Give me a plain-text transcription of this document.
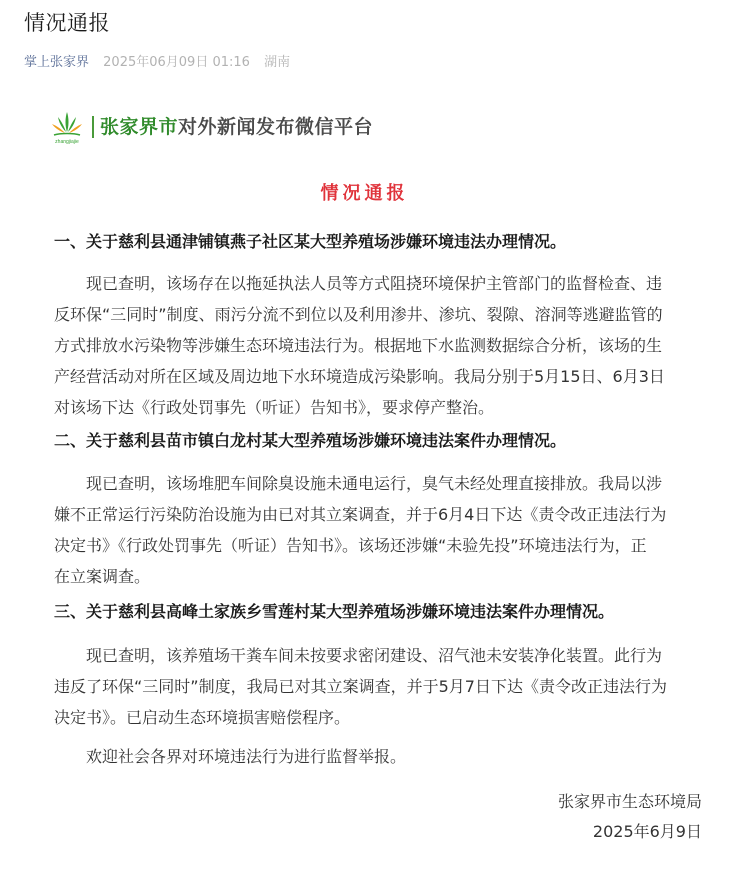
情况通报
掌上张家界 2025年06月09日 01:16 湖南
zhangjiajie
张家界市对外新闻发布微信平台
情况通报
一、关于慈利县通津铺镇燕子社区某大型养殖场涉嫌环境违法办理情况。

　　现已查明，该场存在以拖延执法人员等方式阻挠环境保护主管部门的监督检查、违

反环保“三同时”制度、雨污分流不到位以及利用渗井、渗坑、裂隙、溶洞等逃避监管的

方式排放水污染物等涉嫌生态环境违法行为。根据地下水监测数据综合分析，该场的生

产经营活动对所在区域及周边地下水环境造成污染影响。我局分别于5月15日、6月3日

对该场下达《行政处罚事先（听证）告知书》，要求停产整治。

二、关于慈利县苗市镇白龙村某大型养殖场涉嫌环境违法案件办理情况。

　　现已查明，该场堆肥车间除臭设施未通电运行，臭气未经处理直接排放。我局以涉

嫌不正常运行污染防治设施为由已对其立案调查，并于6月4日下达《责令改正违法行为

决定书》《行政处罚事先（听证）告知书》。该场还涉嫌“未验先投”环境违法行为，正

在立案调查。

三、关于慈利县高峰土家族乡雪莲村某大型养殖场涉嫌环境违法案件办理情况。

　　现已查明，该养殖场干粪车间未按要求密闭建设、沼气池未安装净化装置。此行为

违反了环保“三同时”制度，我局已对其立案调查，并于5月7日下达《责令改正违法行为

决定书》。已启动生态环境损害赔偿程序。

　　欢迎社会各界对环境违法行为进行监督举报。
张家界市生态环境局
2025年6月9日
